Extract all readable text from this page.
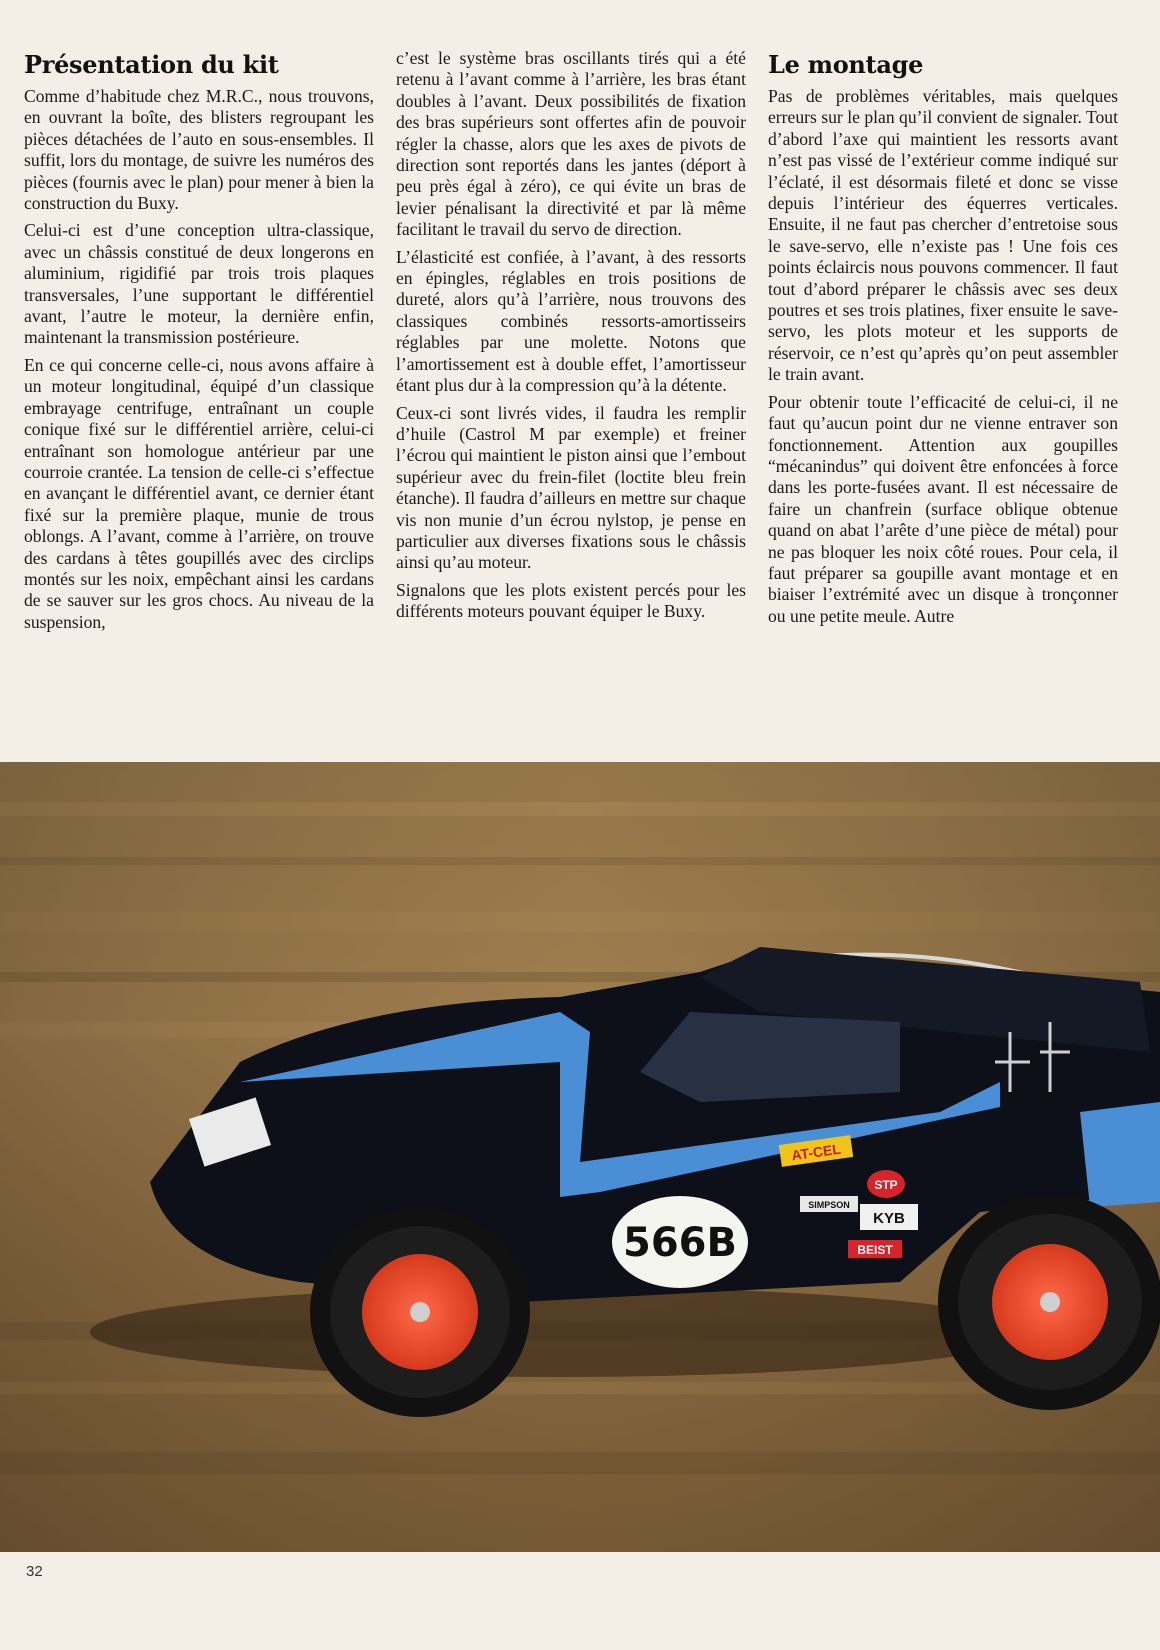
Présentation du kit

Comme d’habitude chez M.R.C., nous trouvons, en ouvrant la boîte, des blisters regroupant les pièces détachées de l’auto en sous-ensembles. Il suffit, lors du montage, de suivre les numéros des pièces (fournis avec le plan) pour mener à bien la construction du Buxy.

Celui-ci est d’une conception ultra-classique, avec un châssis constitué de deux longerons en aluminium, rigidifié par trois trois plaques transversales, l’une supportant le différentiel avant, l’autre le moteur, la dernière enfin, maintenant la transmission postérieure.

En ce qui concerne celle-ci, nous avons affaire à un moteur longitudinal, équipé d’un classique embrayage centrifuge, entraînant un couple conique fixé sur le différentiel arrière, celui-ci entraînant son homologue antérieur par une courroie crantée. La tension de celle-ci s’effectue en avançant le différentiel avant, ce dernier étant fixé sur la première plaque, munie de trous oblongs. A l’avant, comme à l’arrière, on trouve des cardans à têtes goupillés avec des circlips montés sur les noix, empêchant ainsi les cardans de se sauver sur les gros chocs. Au niveau de la suspension,

c’est le système bras oscillants tirés qui a été retenu à l’avant comme à l’arrière, les bras étant doubles à l’avant. Deux possibilités de fixation des bras supérieurs sont offertes afin de pouvoir régler la chasse, alors que les axes de pivots de direction sont reportés dans les jantes (déport à peu près égal à zéro), ce qui évite un bras de levier pénalisant la directivité et par là même facilitant le travail du servo de direction.

L’élasticité est confiée, à l’avant, à des ressorts en épingles, réglables en trois positions de dureté, alors qu’à l’arrière, nous trouvons des classiques combinés ressorts-amortisseirs réglables par une molette. Notons que l’amortissement est à double effet, l’amortisseur étant plus dur à la compression qu’à la détente.

Ceux-ci sont livrés vides, il faudra les remplir d’huile (Castrol M par exemple) et freiner l’écrou qui maintient le piston ainsi que l’embout supérieur avec du frein-filet (loctite bleu frein étanche). Il faudra d’ailleurs en mettre sur chaque vis non munie d’un écrou nylstop, je pense en particulier aux diverses fixations sous le châssis ainsi qu’au moteur.

Signalons que les plots existent percés pour les différents moteurs pouvant équiper le Buxy.

Le montage

Pas de problèmes véritables, mais quelques erreurs sur le plan qu’il convient de signaler. Tout d’abord l’axe qui maintient les ressorts avant n’est pas vissé de l’extérieur comme indiqué sur l’éclaté, il est désormais fileté et donc se visse depuis l’intérieur des équerres verticales. Ensuite, il ne faut pas chercher d’entretoise sous le save-servo, elle n’existe pas ! Une fois ces points éclaircis nous pouvons commencer. Il faut tout d’abord préparer le châssis avec ses deux poutres et ses trois platines, fixer ensuite le save-servo, les plots moteur et les supports de réservoir, ce n’est qu’après qu’on peut assembler le train avant.

Pour obtenir toute l’efficacité de celui-ci, il ne faut qu’aucun point dur ne vienne entraver son fonctionnement. Attention aux goupilles “mécanindus” qui doivent être enfoncées à force dans les porte-fusées avant. Il est nécessaire de faire un chanfrein (surface oblique obtenue quand on abat l’arête d’une pièce de métal) pour ne pas bloquer les noix côté roues. Pour cela, il faut préparer sa goupille avant montage et en biaiser l’extrémité avec un disque à tronçonner ou une petite meule. Autre

566B
AT-CEL
STP
SIMPSON
KYB
BEIST
32
